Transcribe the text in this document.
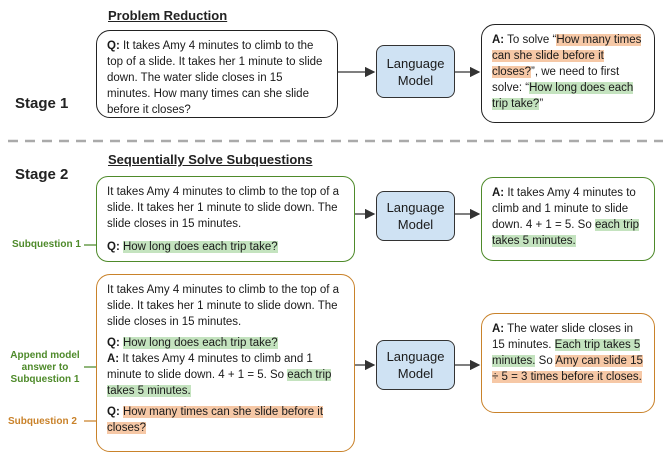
Problem Reduction
Stage 1

Q: It takes Amy 4 minutes to climb to the top of a slide. It takes her 1 minute to slide down. The water slide closes in 15 minutes. How many times can she slide before it closes?

Language Model

A: To solve “How many times can she slide before it closes?”, we need to first solve: “How long does each trip take?”

Sequentially Solve Subquestions
Stage 2

It takes Amy 4 minutes to climb to the top of a slide. It takes her 1 minute to slide down. The slide closes in 15 minutes.

Q: How long does each trip take?

Subquestion 1
Language Model

A: It takes Amy 4 minutes to climb and 1 minute to slide down. 4 + 1 = 5. So each trip takes 5 minutes.

It takes Amy 4 minutes to climb to the top of a slide. It takes her 1 minute to slide down. The slide closes in 15 minutes.

Q: How long does each trip take?

A: It takes Amy 4 minutes to climb and 1 minute to slide down. 4 + 1 = 5. So each trip takes 5 minutes.

Q: How many times can she slide before it closes?

Append model answer to Subquestion 1
Subquestion 2
Language Model

A: The water slide closes in 15 minutes. Each trip takes 5 minutes. So Amy can slide 15 ÷ 5 = 3 times before it closes.
